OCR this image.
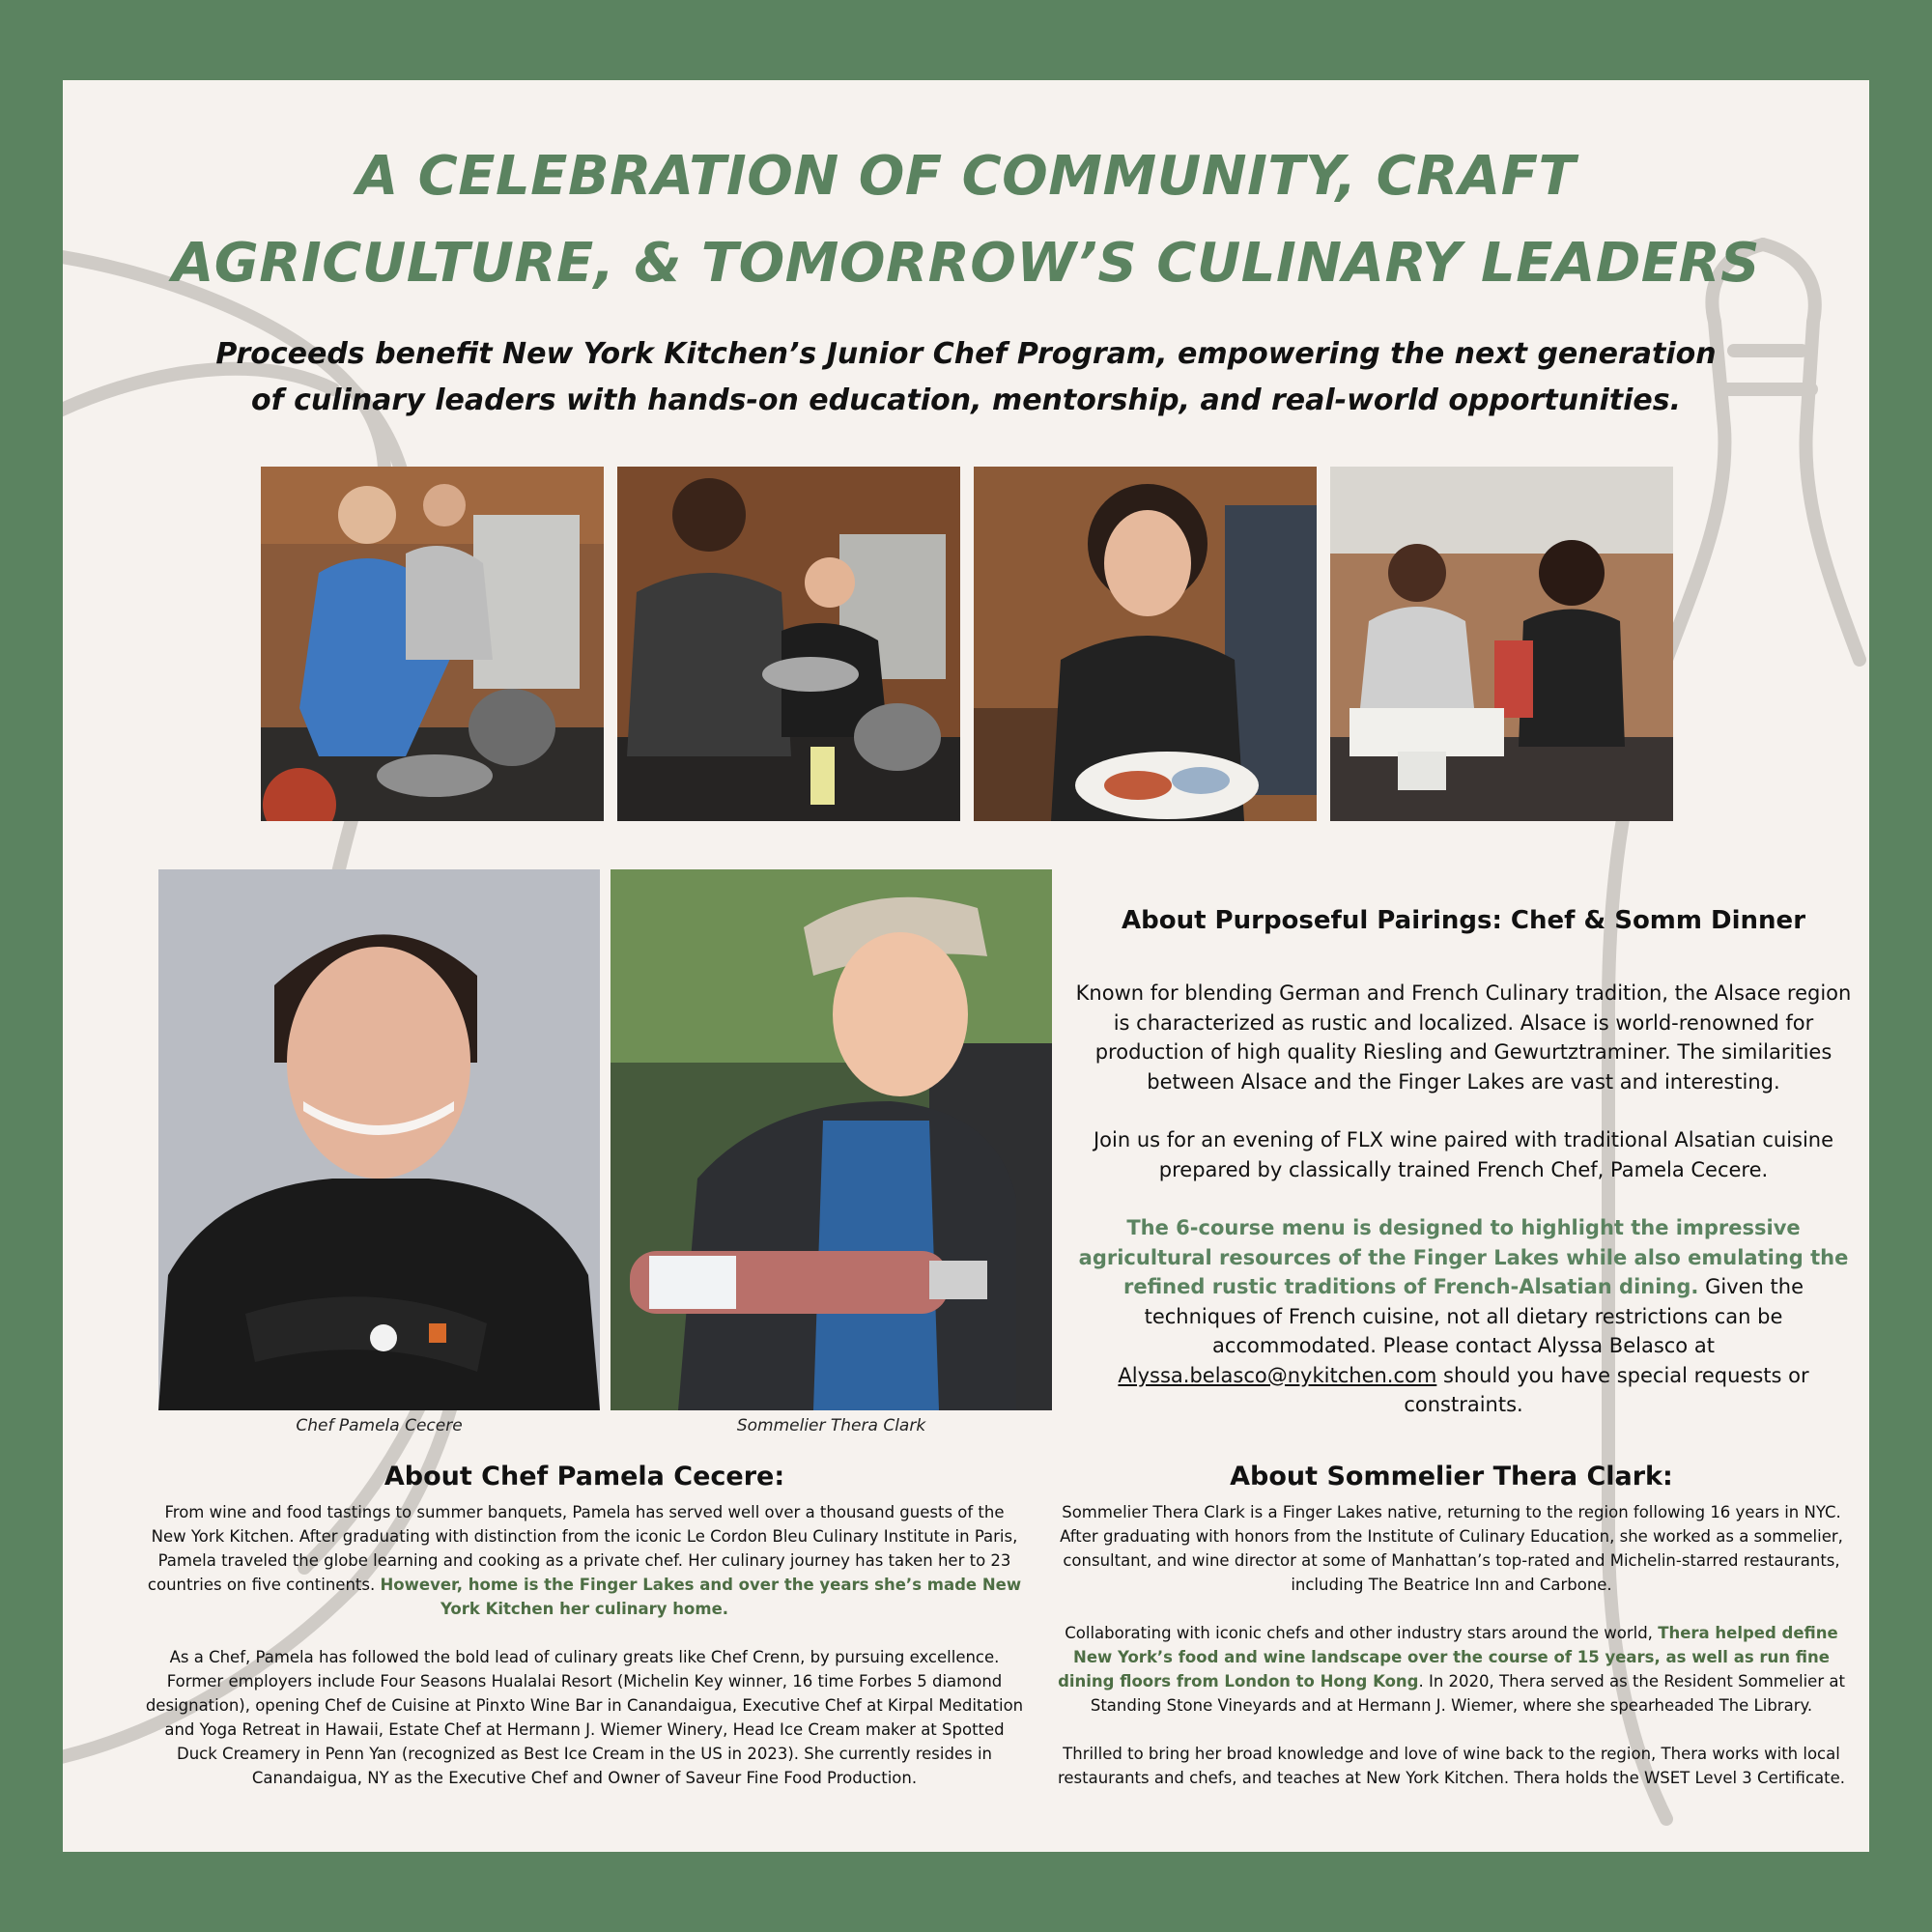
A CELEBRATION OF COMMUNITY, CRAFT
AGRICULTURE, & TOMORROW’S CULINARY LEADERS
Proceeds benefit New York Kitchen’s Junior Chef Program, empowering the next generation
of culinary leaders with hands-on education, mentorship, and real-world opportunities.
Chef Pamela Cecere	Sommelier Thera Clark
About Purposeful Pairings: Chef & Somm Dinner

Known for blending German and French Culinary tradition, the Alsace region is characterized as rustic and localized. Alsace is world-renowned for production of high quality Riesling and Gewurtztraminer. The similarities between Alsace and the Finger Lakes are vast and interesting.

Join us for an evening of FLX wine paired with traditional Alsatian cuisine prepared by classically trained French Chef, Pamela Cecere.

The 6-course menu is designed to highlight the impressive agricultural resources of the Finger Lakes while also emulating the refined rustic traditions of French-Alsatian dining. Given the techniques of French cuisine, not all dietary restrictions can be accommodated. Please contact Alyssa Belasco at Alyssa.belasco@nykitchen.com should you have special requests or constraints.

About Chef Pamela Cecere:

From wine and food tastings to summer banquets, Pamela has served well over a thousand guests of the New York Kitchen. After graduating with distinction from the iconic Le Cordon Bleu Culinary Institute in Paris, Pamela traveled the globe learning and cooking as a private chef. Her culinary journey has taken her to 23 countries on five continents. However, home is the Finger Lakes and over the years she’s made New York Kitchen her culinary home.

As a Chef, Pamela has followed the bold lead of culinary greats like Chef Crenn, by pursuing excellence. Former employers include Four Seasons Hualalai Resort (Michelin Key winner, 16 time Forbes 5 diamond designation), opening Chef de Cuisine at Pinxto Wine Bar in Canandaigua, Executive Chef at Kirpal Meditation and Yoga Retreat in Hawaii, Estate Chef at Hermann J. Wiemer Winery, Head Ice Cream maker at Spotted Duck Creamery in Penn Yan (recognized as Best Ice Cream in the US in 2023). She currently resides in Canandaigua, NY as the Executive Chef and Owner of Saveur Fine Food Production.

About Sommelier Thera Clark:

Sommelier Thera Clark is a Finger Lakes native, returning to the region following 16 years in NYC. After graduating with honors from the Institute of Culinary Education, she worked as a sommelier, consultant, and wine director at some of Manhattan’s top-rated and Michelin-starred restaurants, including The Beatrice Inn and Carbone.

Collaborating with iconic chefs and other industry stars around the world, Thera helped define New York’s food and wine landscape over the course of 15 years, as well as run fine dining floors from London to Hong Kong. In 2020, Thera served as the Resident Sommelier at Standing Stone Vineyards and at Hermann J. Wiemer, where she spearheaded The Library.

Thrilled to bring her broad knowledge and love of wine back to the region, Thera works with local restaurants and chefs, and teaches at New York Kitchen. Thera holds the WSET Level 3 Certificate.
